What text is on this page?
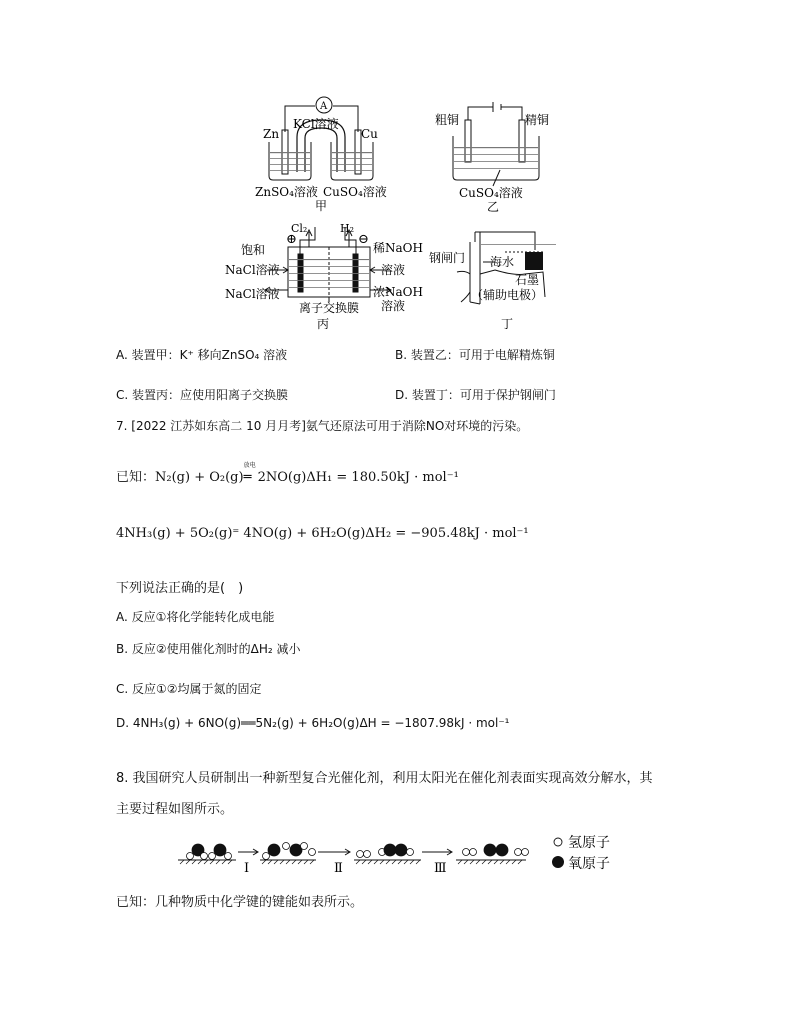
A
KCl溶液
Zn	Cu
ZnSO₄溶液 CuSO₄溶液
甲
粗铜	精铜
CuSO₄溶液
乙
⊕	⊖
Cl₂	H₂
饱和
NaCl溶液
NaCl溶液
稀NaOH
溶液
浓NaOH
溶液
离子交换膜
丙
钢闸门 海水
石墨
（辅助电极）
丁
A. 装置甲：K⁺ 移向ZnSO₄ 溶液	B. 装置乙：可用于电解精炼铜
C. 装置丙：应使用阳离子交换膜	D. 装置丁：可用于保护钢闸门
7. [2022 江苏如东高二 10 月月考]氨气还原法可用于消除NO对环境的污染。
已知：N₂(g) + O₂(g)
放电
═ 2NO(g)ΔH₁ = 180.50kJ · mol⁻¹
4NH₃(g) + 5O₂(g)⁼ 4NO(g) + 6H₂O(g)ΔH₂ = −905.48kJ · mol⁻¹
下列说法正确的是(　)
A. 反应①将化学能转化成电能
B. 反应②使用催化剂时的ΔH₂ 减小
C. 反应①②均属于氮的固定
D. 4NH₃(g) + 6NO(g)══5N₂(g) + 6H₂O(g)ΔH = −1807.98kJ · mol⁻¹
8. 我国研究人员研制出一种新型复合光催化剂，利用太阳光在催化剂表面实现高效分解水，其
主要过程如图所示。
Ⅰ	Ⅱ	Ⅲ
氢原子
氧原子
已知：几种物质中化学键的键能如表所示。
